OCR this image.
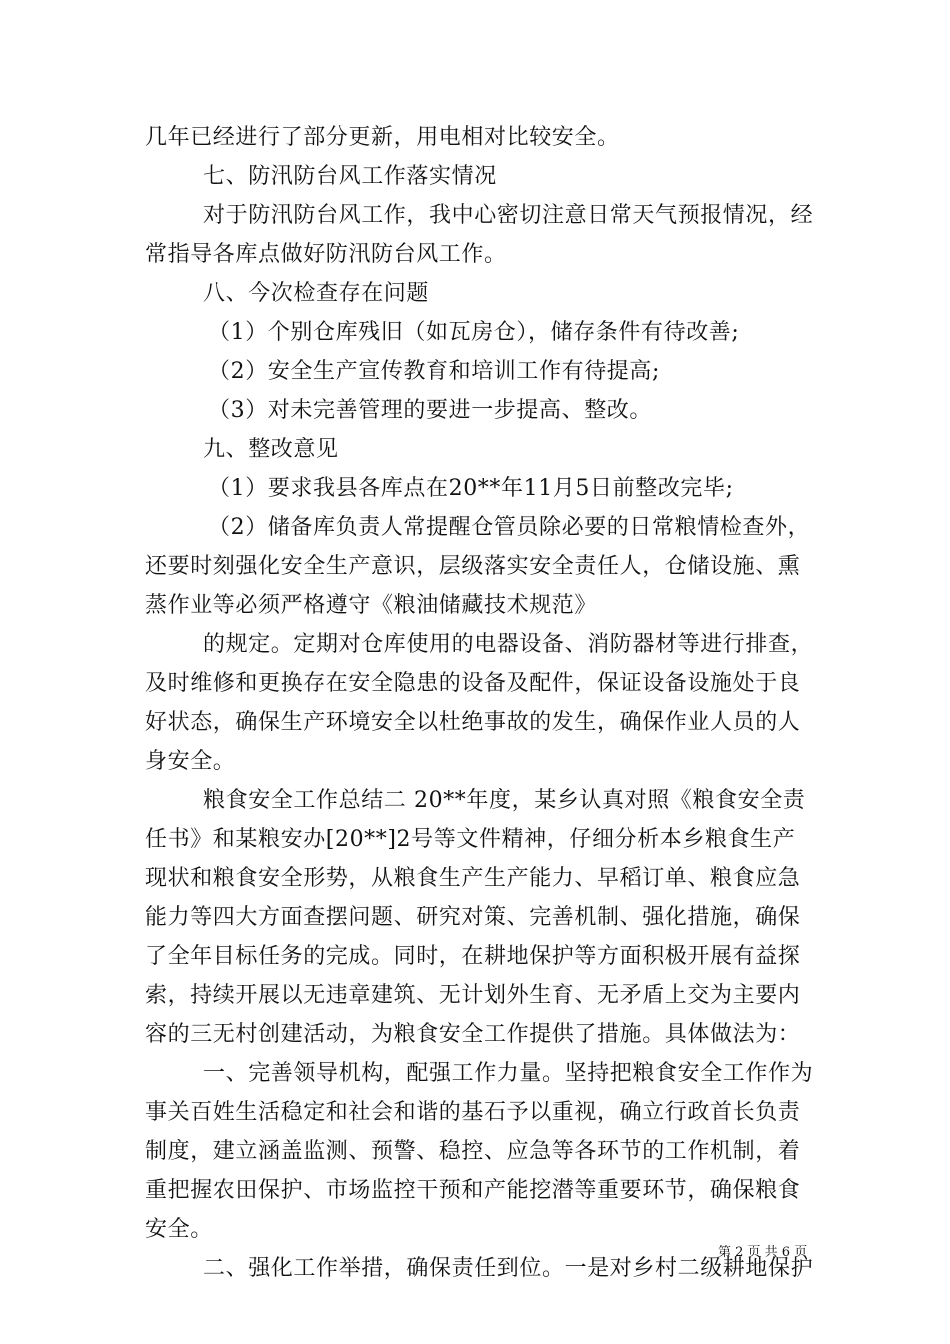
几年已经进行了部分更新，用电相对比较安全。
七、防汛防台风工作落实情况
对于防汛防台风工作，我中心密切注意日常天气预报情况，经
常指导各库点做好防汛防台风工作。
八、今次检查存在问题
（1）个别仓库残旧（如瓦房仓），储存条件有待改善;
（2）安全生产宣传教育和培训工作有待提高;
（3）对未完善管理的要进一步提高、整改。
九、整改意见
（1）要求我县各库点在20**年11月5日前整改完毕;
（2）储备库负责人常提醒仓管员除必要的日常粮情检查外，
还要时刻强化安全生产意识，层级落实安全责任人，仓储设施、熏
蒸作业等必须严格遵守《粮油储藏技术规范》
的规定。定期对仓库使用的电器设备、消防器材等进行排查，
及时维修和更换存在安全隐患的设备及配件，保证设备设施处于良
好状态，确保生产环境安全以杜绝事故的发生，确保作业人员的人
身安全。
粮食安全工作总结二 20**年度，某乡认真对照《粮食安全责
任书》和某粮安办[20**]2号等文件精神，仔细分析本乡粮食生产
现状和粮食安全形势，从粮食生产生产能力、早稻订单、粮食应急
能力等四大方面查摆问题、研究对策、完善机制、强化措施，确保
了全年目标任务的完成。同时，在耕地保护等方面积极开展有益探
索，持续开展以无违章建筑、无计划外生育、无矛盾上交为主要内
容的三无村创建活动，为粮食安全工作提供了措施。具体做法为：
一、完善领导机构，配强工作力量。坚持把粮食安全工作作为
事关百姓生活稳定和社会和谐的基石予以重视，确立行政首长负责
制度，建立涵盖监测、预警、稳控、应急等各环节的工作机制，着
重把握农田保护、市场监控干预和产能挖潜等重要环节，确保粮食
安全。
二、强化工作举措，确保责任到位。一是对乡村二级耕地保护
第 2 页 共 6 页
